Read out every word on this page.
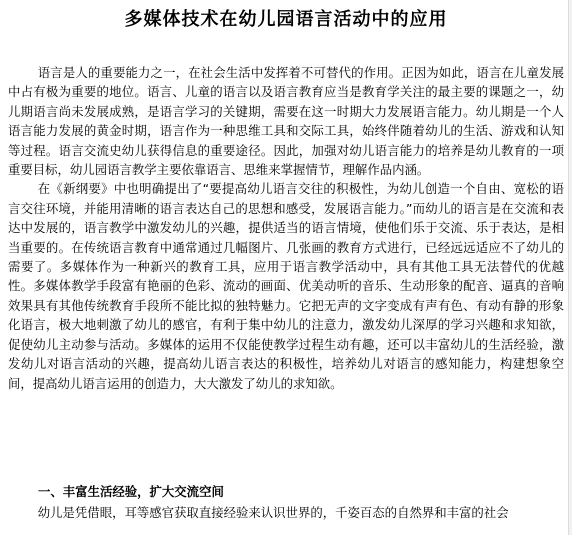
多媒体技术在幼儿园语言活动中的应用

语言是人的重要能力之一，在社会生活中发挥着不可替代的作用。正因为如此，语言在儿童发展中占有极为重要的地位。语言、儿童的语言以及语言教育应当是教育学关注的最主要的课题之一，幼儿期语言尚未发展成熟，是语言学习的关键期，需要在这一时期大力发展语言能力。幼儿期是一个人语言能力发展的黄金时期，语言作为一种思维工具和交际工具，始终伴随着幼儿的生活、游戏和认知等过程。语言交流史幼儿获得信息的重要途径。因此，加强对幼儿语言能力的培养是幼儿教育的一项重要目标，幼儿园语言教学主要依靠语言、思维来掌握情节，理解作品内涵。

在《新纲要》中也明确提出了“要提高幼儿语言交往的积极性，为幼儿创造一个自由、宽松的语言交往环境，并能用清晰的语言表达自己的思想和感受，发展语言能力。”而幼儿的语言是在交流和表达中发展的，语言教学中激发幼儿的兴趣，提供适当的语言情境，使他们乐于交流、乐于表达，是相当重要的。在传统语言教育中通常通过几幅图片、几张画的教育方式进行，已经远远适应不了幼儿的需要了。多媒体作为一种新兴的教育工具，应用于语言教学活动中，具有其他工具无法替代的优越性。多媒体教学手段富有艳丽的色彩、流动的画面、优美动听的音乐、生动形象的配音、逼真的音响效果具有其他传统教育手段所不能比拟的独特魅力。它把无声的文字变成有声有色、有动有静的形象化语言，极大地刺激了幼儿的感官，有利于集中幼儿的注意力，激发幼儿深厚的学习兴趣和求知欲，促使幼儿主动参与活动。多媒体的运用不仅能使教学过程生动有趣，还可以丰富幼儿的生活经验，激发幼儿对语言活动的兴趣，提高幼儿语言表达的积极性，培养幼儿对语言的感知能力，构建想象空间，提高幼儿语言运用的创造力，大大激发了幼儿的求知欲。

一、丰富生活经验，扩大交流空间
幼儿是凭借眼，耳等感官获取直接经验来认识世界的，千姿百态的自然界和丰富的社会
